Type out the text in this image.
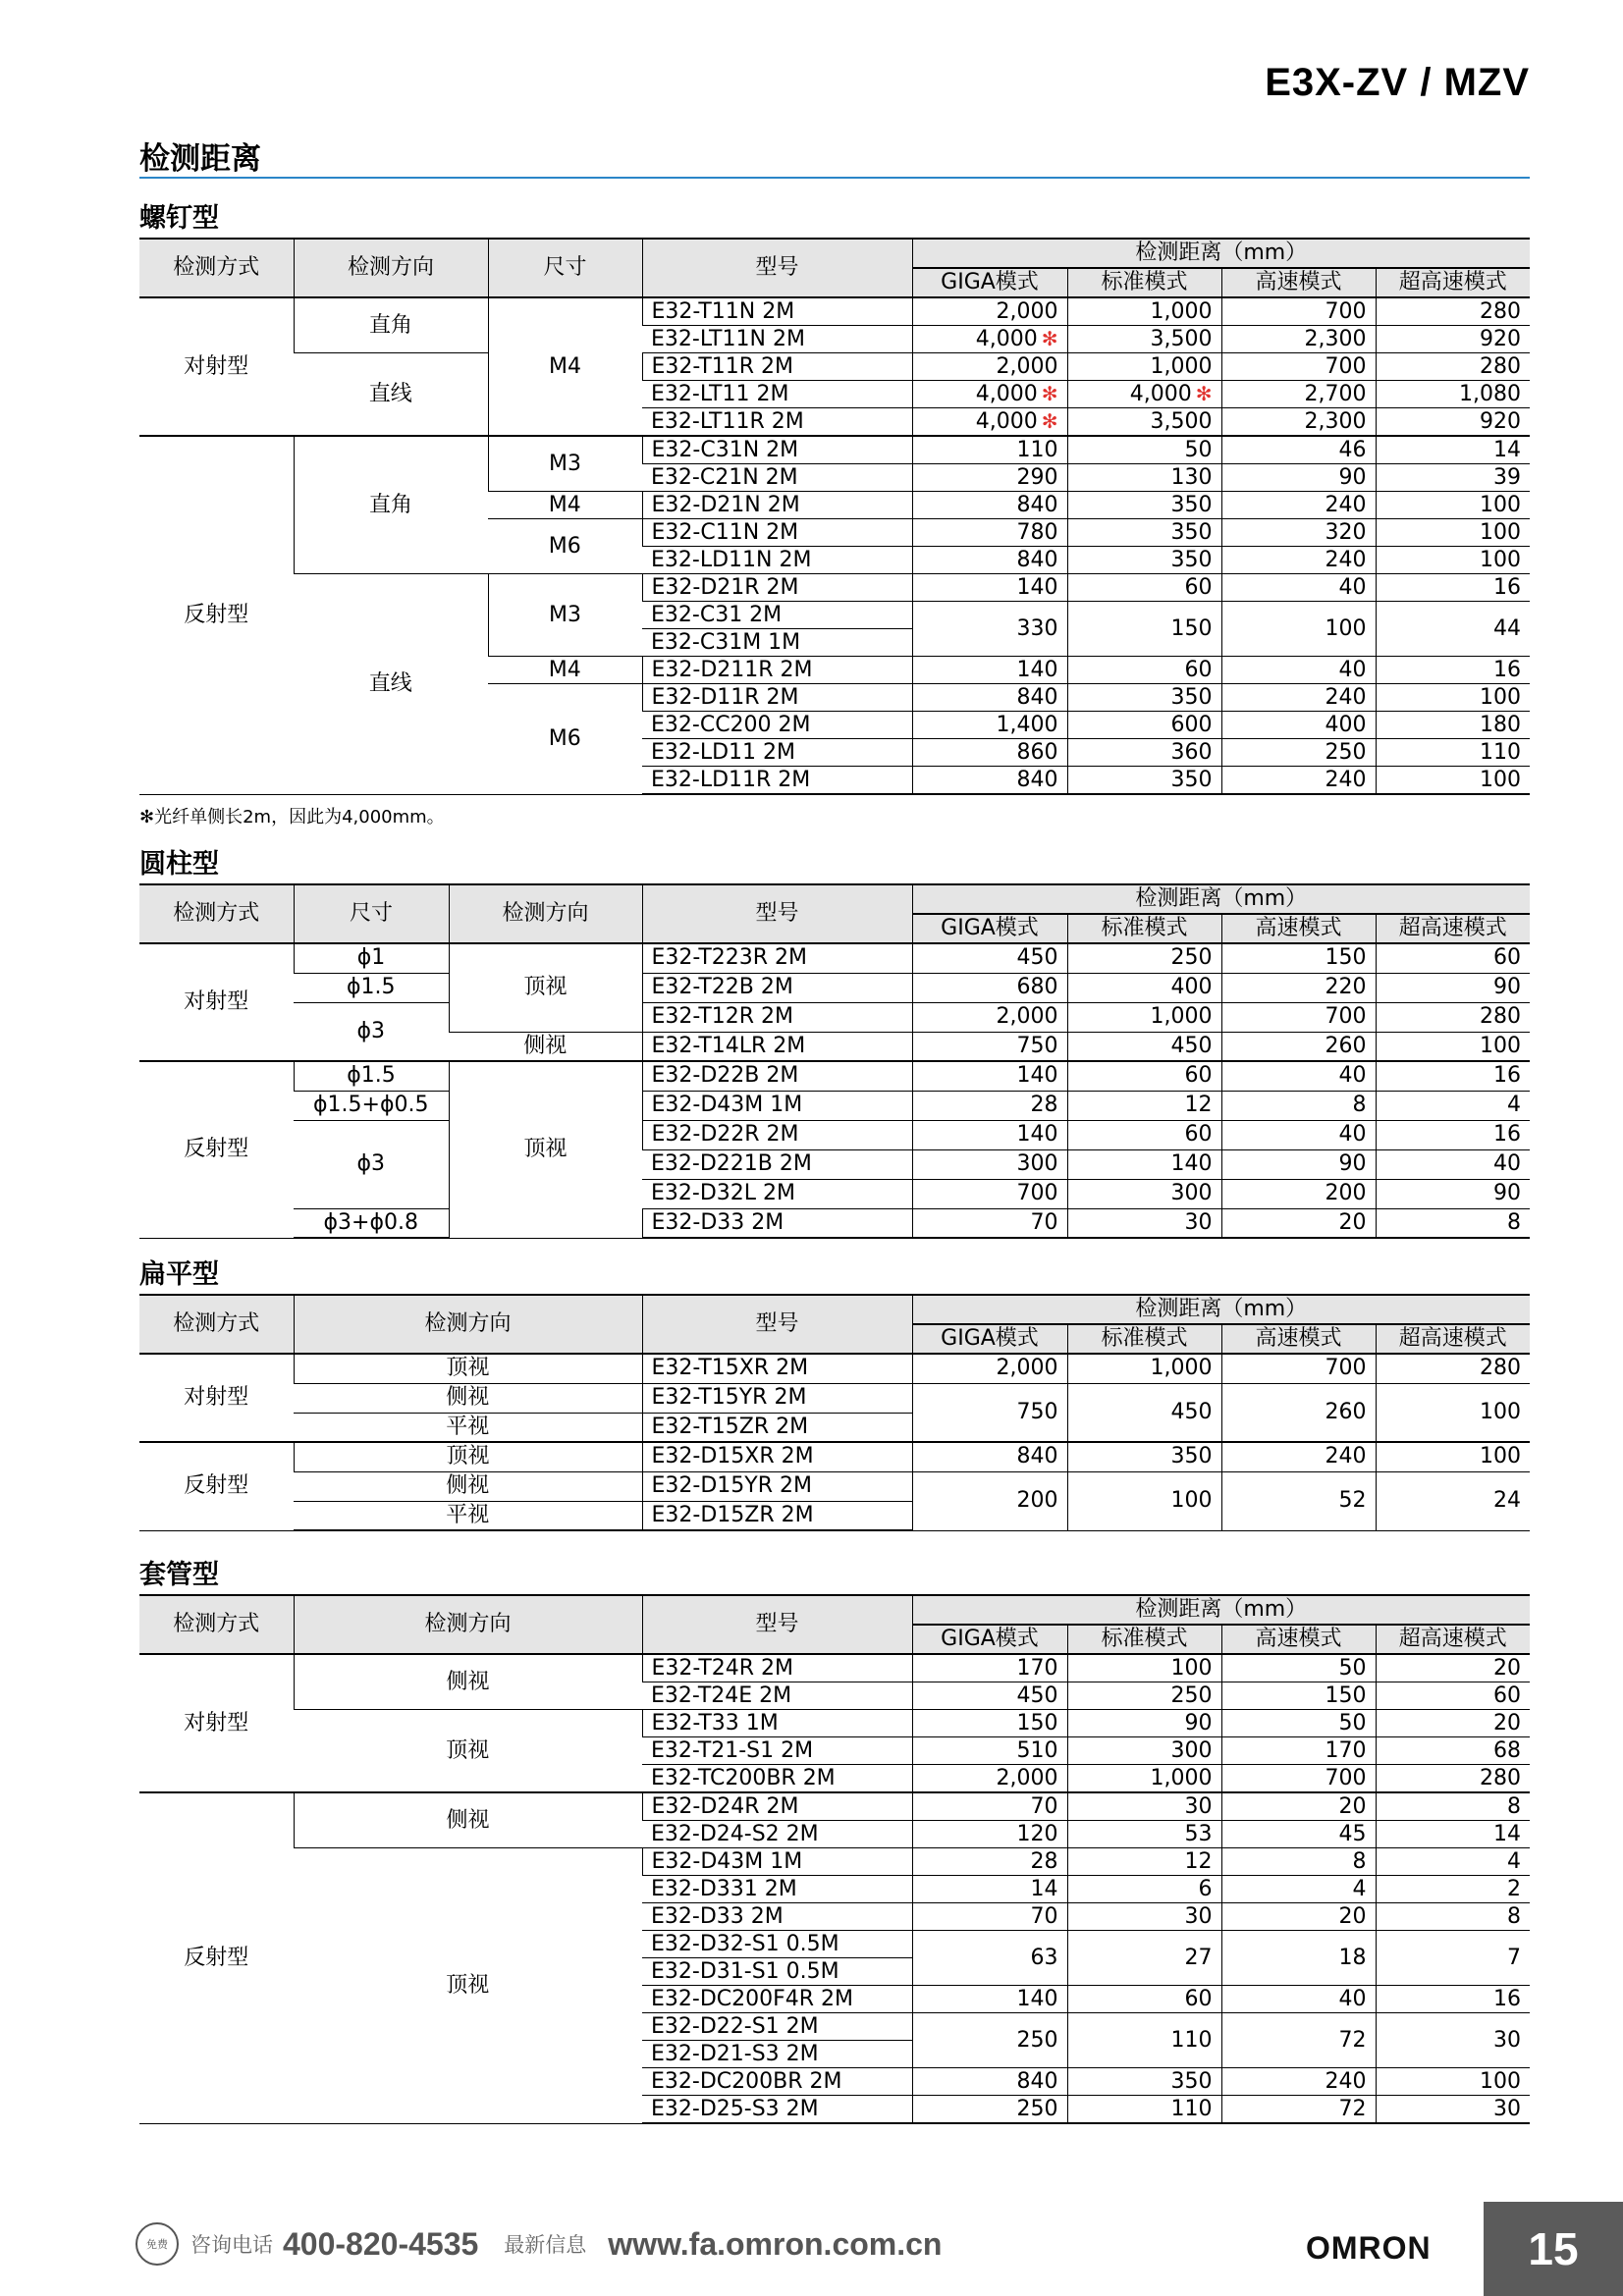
E3X-ZV / MZV
检测距离
螺钉型
检测方式	检测方向	尺寸	型号	检测距离（mm）			
				GIGA模式	标准模式	高速模式	超高速模式
对射型	直角	M4	E32-T11N 2M	2,000	1,000	700	280
			E32-LT11N 2M	4,000 ✻	3,500	2,300	920
	直线		E32-T11R 2M	2,000	1,000	700	280
			E32-LT11 2M	4,000 ✻	4,000 ✻	2,700	1,080
			E32-LT11R 2M	4,000 ✻	3,500	2,300	920
反射型	直角	M3	E32-C31N 2M	110	50	46	14
			E32-C21N 2M	290	130	90	39
		M4	E32-D21N 2M	840	350	240	100
		M6	E32-C11N 2M	780	350	320	100
			E32-LD11N 2M	840	350	240	100
	直线	M3	E32-D21R 2M	140	60	40	16
			E32-C31 2M	330	150	100	44
			E32-C31M 1M				
		M4	E32-D211R 2M	140	60	40	16
		M6	E32-D11R 2M	840	350	240	100
			E32-CC200 2M	1,400	600	400	180
			E32-LD11 2M	860	360	250	110
			E32-LD11R 2M	840	350	240	100
✻光纤单侧长2m，因此为4,000mm。
圆柱型
检测方式	尺寸	检测方向	型号	检测距离（mm）			
				GIGA模式	标准模式	高速模式	超高速模式
对射型	ϕ1	顶视	E32-T223R 2M	450	250	150	60
	ϕ1.5		E32-T22B 2M	680	400	220	90
	ϕ3		E32-T12R 2M	2,000	1,000	700	280
		侧视	E32-T14LR 2M	750	450	260	100
反射型	ϕ1.5	顶视	E32-D22B 2M	140	60	40	16
	ϕ1.5+ϕ0.5		E32-D43M 1M	28	12	8	4
	ϕ3		E32-D22R 2M	140	60	40	16
			E32-D221B 2M	300	140	90	40
			E32-D32L 2M	700	300	200	90
	ϕ3+ϕ0.8		E32-D33 2M	70	30	20	8
扁平型
检测方式	检测方向	型号	检测距离（mm）			
			GIGA模式	标准模式	高速模式	超高速模式
对射型	顶视	E32-T15XR 2M	2,000	1,000	700	280
	侧视	E32-T15YR 2M	750	450	260	100
	平视	E32-T15ZR 2M				
反射型	顶视	E32-D15XR 2M	840	350	240	100
	侧视	E32-D15YR 2M	200	100	52	24
	平视	E32-D15ZR 2M				
套管型
检测方式	检测方向	型号	检测距离（mm）			
			GIGA模式	标准模式	高速模式	超高速模式
对射型	侧视	E32-T24R 2M	170	100	50	20
		E32-T24E 2M	450	250	150	60
	顶视	E32-T33 1M	150	90	50	20
		E32-T21-S1 2M	510	300	170	68
		E32-TC200BR 2M	2,000	1,000	700	280
反射型	侧视	E32-D24R 2M	70	30	20	8
		E32-D24-S2 2M	120	53	45	14
	顶视	E32-D43M 1M	28	12	8	4
		E32-D331 2M	14	6	4	2
		E32-D33 2M	70	30	20	8
		E32-D32-S1 0.5M	63	27	18	7
		E32-D31-S1 0.5M				
		E32-DC200F4R 2M	140	60	40	16
		E32-D22-S1 2M	250	110	72	30
		E32-D21-S3 2M				
		E32-DC200BR 2M	840	350	240	100
		E32-D25-S3 2M	250	110	72	30
免费 咨询电话 400-820-4535 最新信息 www.fa.omron.com.cn	OMRON	15
